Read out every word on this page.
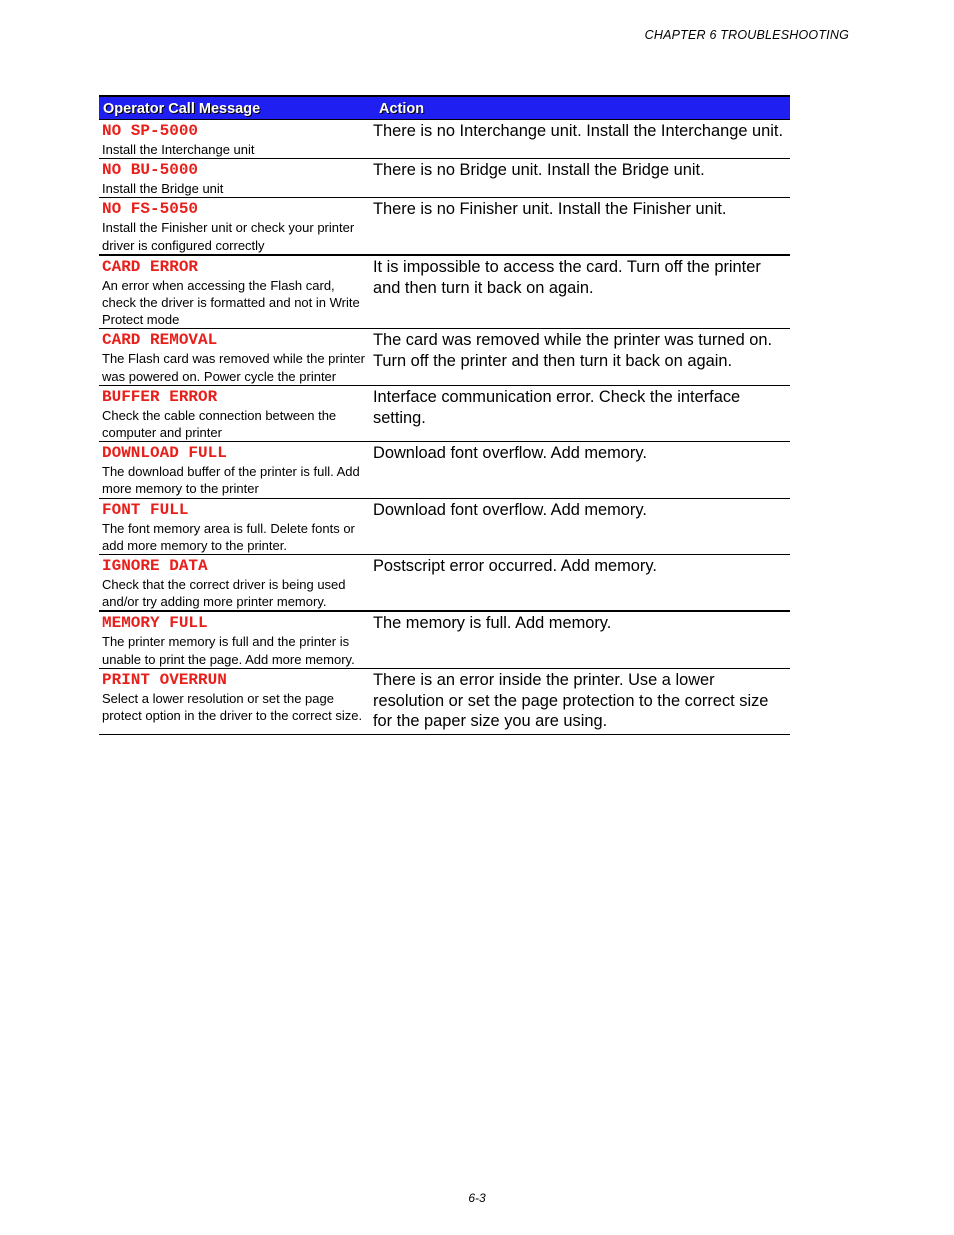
CHAPTER 6 TROUBLESHOOTING
Operator Call Message	Action

NO SP-5000
Install the Interchange unit	There is no Interchange unit. Install the Interchange unit.

NO BU-5000
Install the Bridge unit	There is no Bridge unit. Install the Bridge unit.

NO FS-5050
Install the Finisher unit or check your printer driver is configured correctly	There is no Finisher unit. Install the Finisher unit.

CARD ERROR
An error when accessing the Flash card, check the driver is formatted and not in Write Protect mode	It is impossible to access the card. Turn off the printer and then turn it back on again.

CARD REMOVAL
The Flash card was removed while the printer was powered on. Power cycle the printer	The card was removed while the printer was turned on. Turn off the printer and then turn it back on again.

BUFFER ERROR
Check the cable connection between the computer and printer	Interface communication error. Check the interface setting.

DOWNLOAD FULL
The download buffer of the printer is full. Add more memory to the printer	Download font overflow. Add memory.

FONT FULL
The font memory area is full. Delete fonts or add more memory to the printer.	Download font overflow. Add memory.

IGNORE DATA
Check that the correct driver is being used and/or try adding more printer memory.	Postscript error occurred. Add memory.

MEMORY FULL
The printer memory is full and the printer is unable to print the page. Add more memory.	The memory is full. Add memory.

PRINT OVERRUN
Select a lower resolution or set the page protect option in the driver to the correct size.	There is an error inside the printer. Use a lower resolution or set the page protection to the correct size for the paper size you are using.
6-3
